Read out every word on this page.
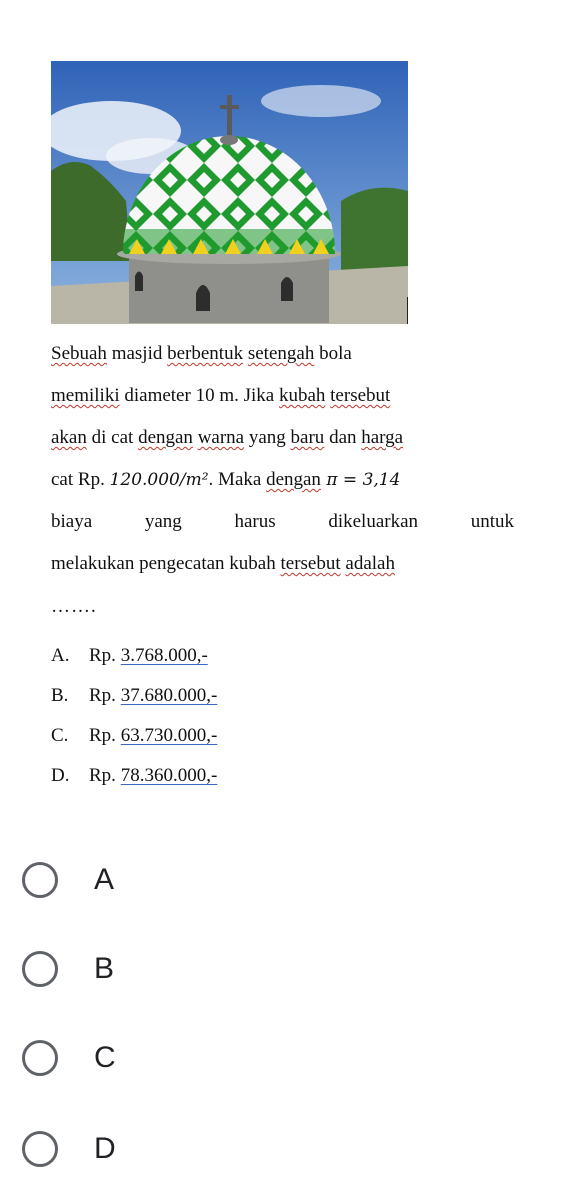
Sebuah masjid berbentuk setengah bola

memiliki diameter 10 m. Jika kubah tersebut

akan di cat dengan warna yang baru dan harga

cat Rp. 120.000/m². Maka dengan π = 3,14

biaya yang harus dikeluarkan untuk

melakukan pengecatan kubah tersebut adalah

…….
A.	Rp. 3.768.000,-
B.	Rp. 37.680.000,-
C.	Rp. 63.730.000,-
D.	Rp. 78.360.000,-
A
B
C
D
